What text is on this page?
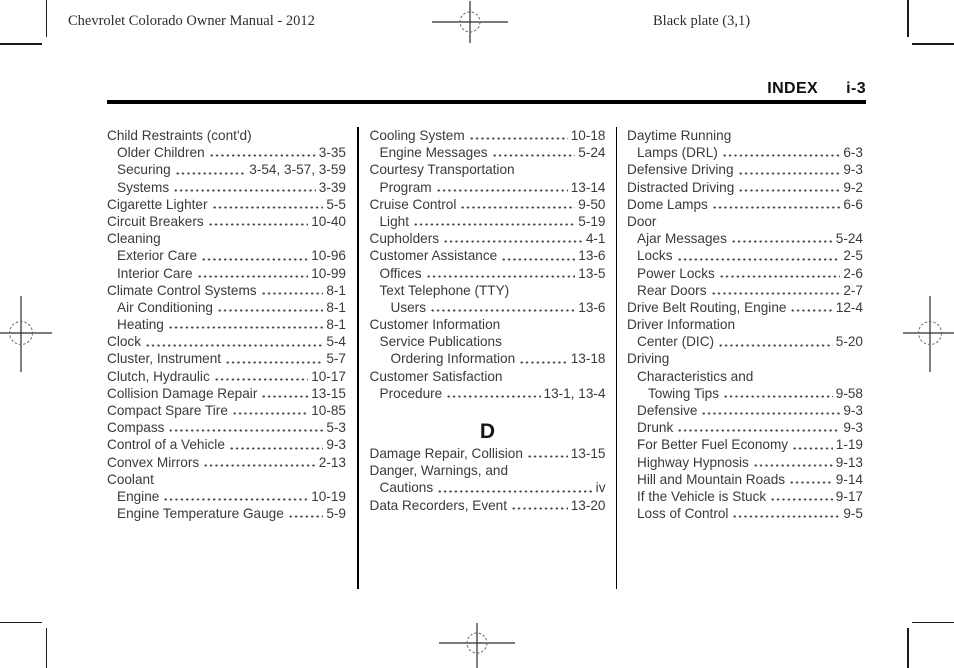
Chevrolet Colorado Owner Manual - 2012	Black plate (3,1)
INDEX i-3
Child Restraints (cont'd)
Older Children	3-35
Securing	3-54, 3-57, 3-59
Systems	3-39
Cigarette Lighter	5-5
Circuit Breakers	10-40
Cleaning
Exterior Care	10-96
Interior Care	10-99
Climate Control Systems	8-1
Air Conditioning	8-1
Heating	8-1
Clock	5-4
Cluster, Instrument	5-7
Clutch, Hydraulic	10-17
Collision Damage Repair	13-15
Compact Spare Tire	10-85
Compass	5-3
Control of a Vehicle	9-3
Convex Mirrors	2-13
Coolant
Engine	10-19
Engine Temperature Gauge	5-9
Cooling System	10-18
Engine Messages	5-24
Courtesy Transportation
Program	13-14
Cruise Control	9-50
Light	5-19
Cupholders	4-1
Customer Assistance	13-6
Offices	13-5
Text Telephone (TTY)
Users	13-6
Customer Information
Service Publications
Ordering Information	13-18
Customer Satisfaction
Procedure	13-1, 13-4
D
Damage Repair, Collision	13-15
Danger, Warnings, and
Cautions	iv
Data Recorders, Event	13-20
Daytime Running
Lamps (DRL)	6-3
Defensive Driving	9-3
Distracted Driving	9-2
Dome Lamps	6-6
Door
Ajar Messages	5-24
Locks	2-5
Power Locks	2-6
Rear Doors	2-7
Drive Belt Routing, Engine	12-4
Driver Information
Center (DIC)	5-20
Driving
Characteristics and
Towing Tips	9-58
Defensive	9-3
Drunk	9-3
For Better Fuel Economy	1-19
Highway Hypnosis	9-13
Hill and Mountain Roads	9-14
If the Vehicle is Stuck	9-17
Loss of Control	9-5
